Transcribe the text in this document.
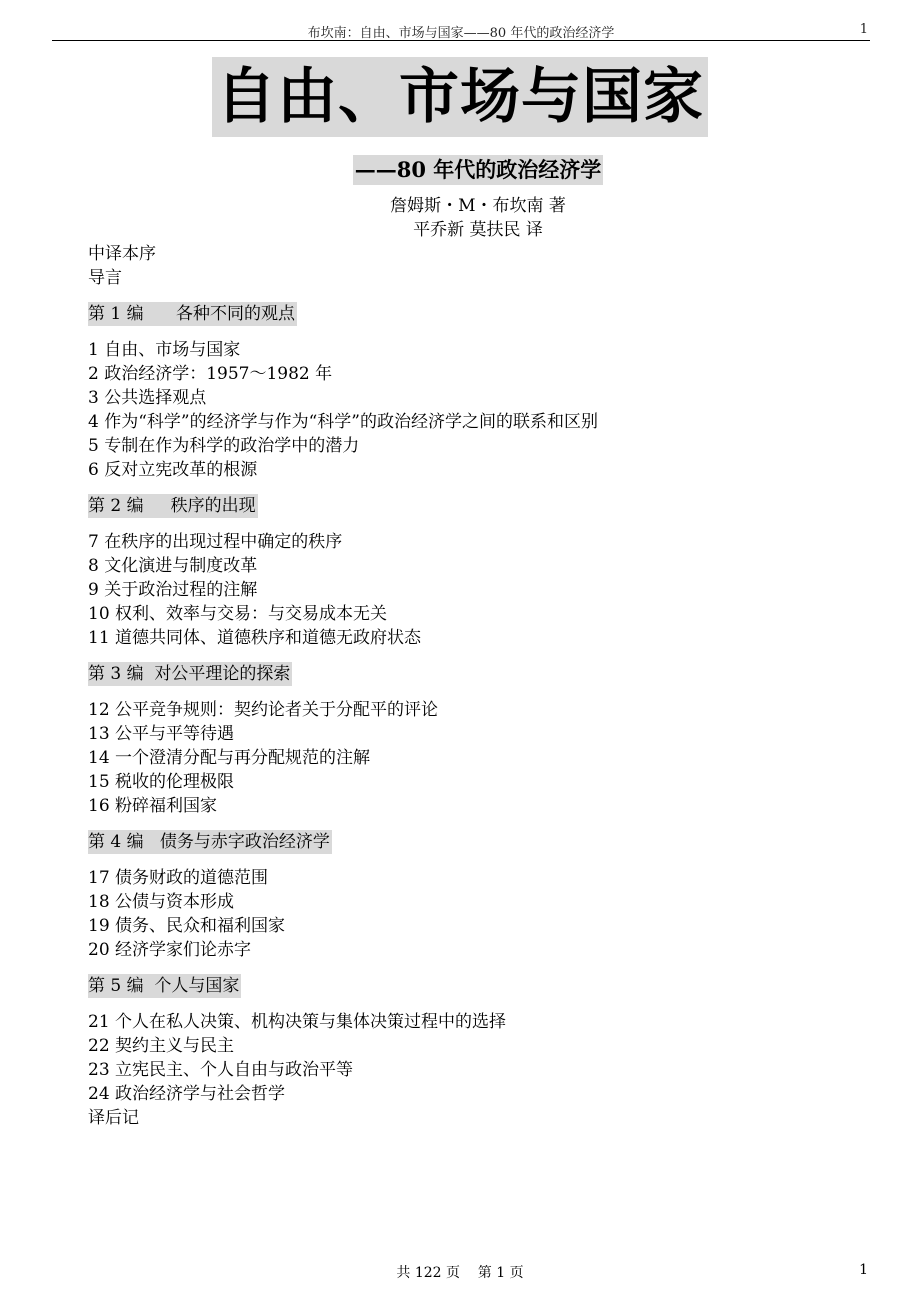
布坎南：自由、市场与国家——80 年代的政治经济学	1
自由、市场与国家
——80 年代的政治经济学
詹姆斯・M・布坎南 著
平乔新 莫扶民 译
中译本序
导言
第 1 编      各种不同的观点
1 自由、市场与国家
2 政治经济学：1957～1982 年
3 公共选择观点
4 作为“科学”的经济学与作为“科学”的政治经济学之间的联系和区别
5 专制在作为科学的政治学中的潜力
6 反对立宪改革的根源
第 2 编     秩序的出现
7 在秩序的出现过程中确定的秩序
8 文化演进与制度改革
9 关于政治过程的注解
10 权利、效率与交易：与交易成本无关
11 道德共同体、道德秩序和道德无政府状态
第 3 编  对公平理论的探索
12 公平竞争规则：契约论者关于分配平的评论
13 公平与平等待遇
14 一个澄清分配与再分配规范的注解
15 税收的伦理极限
16 粉碎福利国家
第 4 编   债务与赤字政治经济学
17 债务财政的道德范围
18 公债与资本形成
19 债务、民众和福利国家
20 经济学家们论赤字
第 5 编  个人与国家
21 个人在私人决策、机构决策与集体决策过程中的选择
22 契约主义与民主
23 立宪民主、个人自由与政治平等
24 政治经济学与社会哲学
译后记
共 122 页    第 1 页	1
